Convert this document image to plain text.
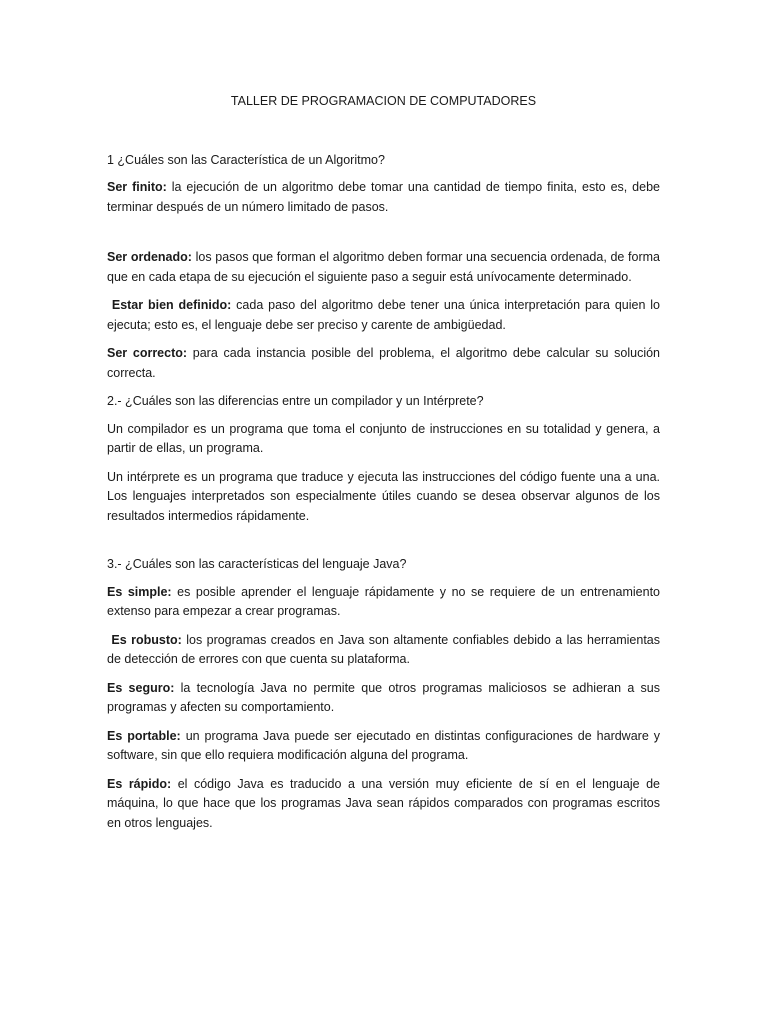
TALLER DE PROGRAMACION DE COMPUTADORES

1 ¿Cuáles son las Característica de un Algoritmo?

Ser finito: la ejecución de un algoritmo debe tomar una cantidad de tiempo finita, esto es, debe terminar después de un número limitado de pasos.

Ser ordenado: los pasos que forman el algoritmo deben formar una secuencia ordenada, de forma que en cada etapa de su ejecución el siguiente paso a seguir está unívocamente determinado.

Estar bien definido: cada paso del algoritmo debe tener una única interpretación para quien lo ejecuta; esto es, el lenguaje debe ser preciso y carente de ambigüedad.

Ser correcto: para cada instancia posible del problema, el algoritmo debe calcular su solución correcta.

2.- ¿Cuáles son las diferencias entre un compilador y un Intérprete?

Un compilador es un programa que toma el conjunto de instrucciones en su totalidad y genera, a partir de ellas, un programa.

Un intérprete es un programa que traduce y ejecuta las instrucciones del código fuente una a una. Los lenguajes interpretados son especialmente útiles cuando se desea observar algunos de los resultados intermedios rápidamente.

3.- ¿Cuáles son las características del lenguaje Java?

Es simple: es posible aprender el lenguaje rápidamente y no se requiere de un entrenamiento extenso para empezar a crear programas.

Es robusto: los programas creados en Java son altamente confiables debido a las herramientas de detección de errores con que cuenta su plataforma.

Es seguro: la tecnología Java no permite que otros programas maliciosos se adhieran a sus programas y afecten su comportamiento.

Es portable: un programa Java puede ser ejecutado en distintas configuraciones de hardware y software, sin que ello requiera modificación alguna del programa.

Es rápido: el código Java es traducido a una versión muy eficiente de sí en el lenguaje de máquina, lo que hace que los programas Java sean rápidos comparados con programas escritos en otros lenguajes.
